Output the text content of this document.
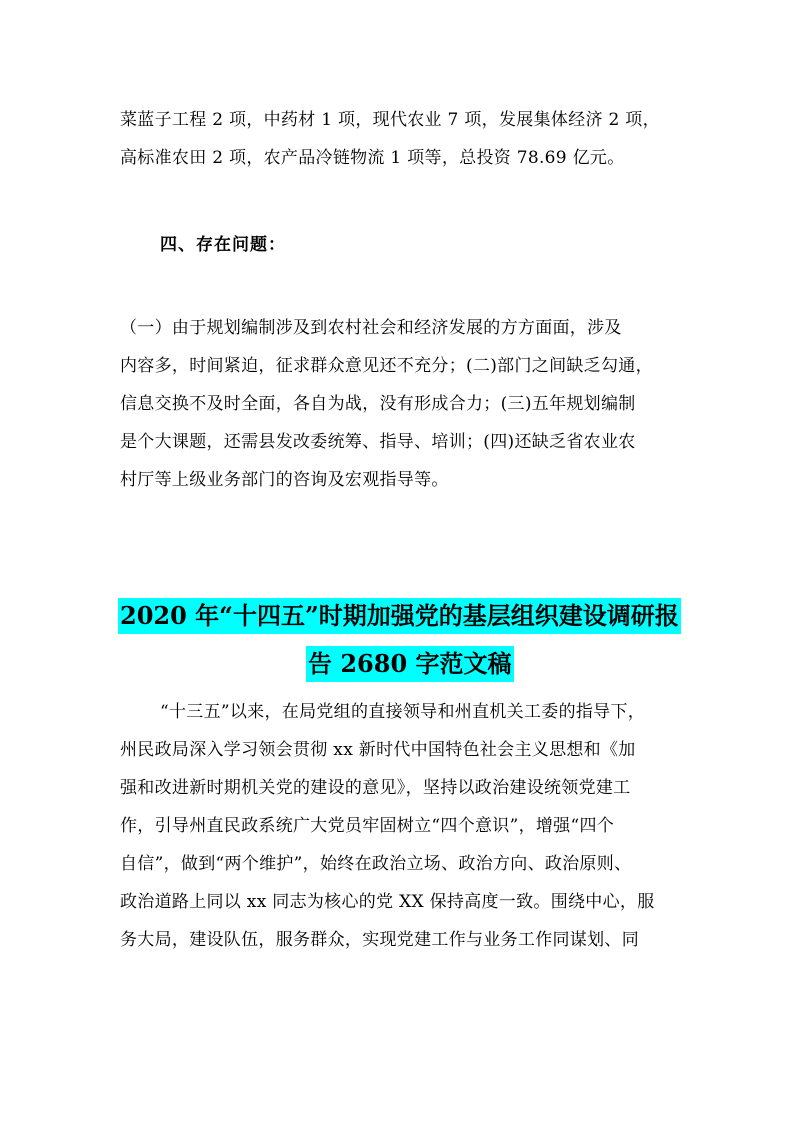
菜蓝子工程 2 项，中药材 1 项，现代农业 7 项，发展集体经济 2 项，
高标准农田 2 项，农产品冷链物流 1 项等，总投资 78.69 亿元。
四、存在问题：
（一）由于规划编制涉及到农村社会和经济发展的方方面面，涉及
内容多，时间紧迫，征求群众意见还不充分；(二)部门之间缺乏勾通，
信息交换不及时全面，各自为战，没有形成合力；(三)五年规划编制
是个大课题，还需县发改委统筹、指导、培训；(四)还缺乏省农业农
村厅等上级业务部门的咨询及宏观指导等。
2020 年“十四五”时期加强党的基层组织建设调研报
告 2680 字范文稿
“十三五”以来，在局党组的直接领导和州直机关工委的指导下，
州民政局深入学习领会贯彻 xx 新时代中国特色社会主义思想和《加
强和改进新时期机关党的建设的意见》，坚持以政治建设统领党建工
作，引导州直民政系统广大党员牢固树立“四个意识”，增强“四个
自信”，做到“两个维护”，始终在政治立场、政治方向、政治原则、
政治道路上同以 xx 同志为核心的党 XX 保持高度一致。围绕中心，服
务大局，建设队伍，服务群众，实现党建工作与业务工作同谋划、同
